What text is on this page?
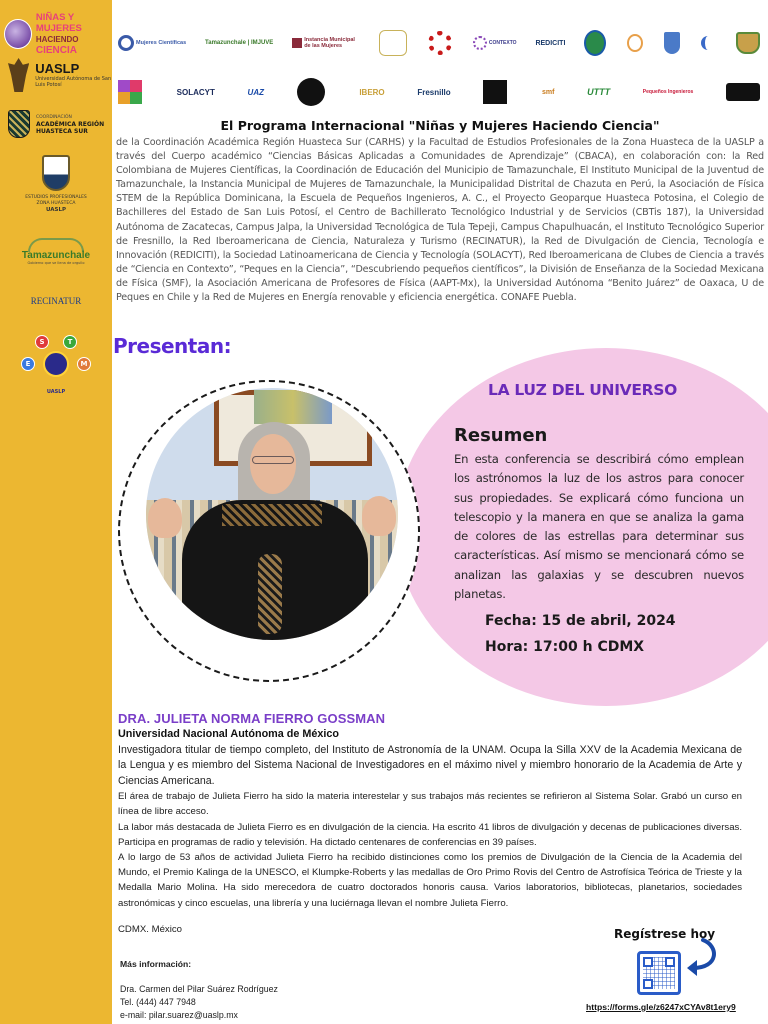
NIÑAS Y MUJERES
HACIENDO CIENCIA
UASLP
Universidad Autónoma de San Luis Potosí
COORDINACIÓN
ACADÉMICA REGIÓN
HUASTECA SUR
ESTUDIOS PROFESIONALES
ZONA HUASTECA
UASLP
Tamazunchale
Gobierno que se llena de orgullo
RECINATUR
S	T
E	M
UASLP
Mujeres Científicas	Tamazunchale | IMJUVE	Instancia Municipal de las Mujeres	CONTEXTO	REDICITI
SOLACYT	UAZ	IBERO	Fresnillo	smf	UTTT	Pequeños Ingenieros
El Programa Internacional "Niñas y Mujeres Haciendo Ciencia"
de la Coordinación Académica Región Huasteca Sur (CARHS) y la Facultad de Estudios Profesionales de la Zona Huasteca de la UASLP a través del Cuerpo académico “Ciencias Básicas Aplicadas a Comunidades de Aprendizaje” (CBACA), en colaboración con: la Red Colombiana de Mujeres Científicas, la Coordinación de Educación del Municipio de Tamazunchale, El Instituto Municipal de la Juventud de Tamazunchale, la Instancia Municipal de Mujeres de Tamazunchale, la Municipalidad Distrital de Chazuta en Perú, la Asociación de Física STEM de la República Dominicana, la Escuela de Pequeños Ingenieros, A. C., el Proyecto Geoparque Huasteca Potosina, el Colegio de Bachilleres del Estado de San Luis Potosí, el Centro de Bachillerato Tecnológico Industrial y de Servicios (CBTis 187), la Universidad Autónoma de Zacatecas, Campus Jalpa, la Universidad Tecnológica de Tula Tepeji, Campus Chapulhuacán, el Instituto Tecnológico Superior de Fresnillo, la Red Iberoamericana de Ciencia, Naturaleza y Turismo (RECINATUR), la Red de Divulgación de Ciencia, Tecnología e Innovación (REDICITI), la Sociedad Latinoamericana de Ciencia y Tecnología (SOLACYT), Red Iberoamericana de Clubes de Ciencia a través de “Ciencia en Contexto”, “Peques en la Ciencia”, “Descubriendo pequeños científicos”, la División de Enseñanza de la Sociedad Mexicana de Física (SMF), la Asociación Americana de Profesores de Física (AAPT-Mx), la Universidad Autónoma “Benito Juárez” de Oaxaca, U de Peques en Chile y la Red de Mujeres en Energía renovable y eficiencia energética. CONAFE Puebla.
Presentan:
LA LUZ DEL UNIVERSO
Resumen
En esta conferencia se describirá cómo emplean los astrónomos la luz de los astros para conocer sus propiedades. Se explicará cómo funciona un telescopio y la manera en que se analiza la gama de colores de las estrellas para determinar sus características. Así mismo se mencionará cómo se analizan las galaxias y se descubren nuevos planetas.
Fecha: 15 de abril, 2024
Hora: 17:00 h CDMX
DRA. JULIETA NORMA FIERRO GOSSMAN
Universidad Nacional Autónoma de México

Investigadora titular de tiempo completo, del Instituto de Astronomía de la UNAM. Ocupa la Silla XXV de la Academia Mexicana de la Lengua y es miembro del Sistema Nacional de Investigadores en el máximo nivel y miembro honorario de la Academia de Arte y Ciencias Americana.

El área de trabajo de Julieta Fierro ha sido la materia interestelar y sus trabajos más recientes se refirieron al Sistema Solar. Grabó un curso en línea de libre acceso.

La labor más destacada de Julieta Fierro es en divulgación de la ciencia. Ha escrito 41 libros de divulgación y decenas de publicaciones diversas. Participa en programas de radio y televisión. Ha dictado centenares de conferencias en 39 países.

A lo largo de 53 años de actividad Julieta Fierro ha recibido distinciones como los premios de Divulgación de la Ciencia de la Academia del Mundo, el Premio Kalinga de la UNESCO, el Klumpke-Roberts y las medallas de Oro Primo Rovis del Centro de Astrofísica Teórica de Trieste y la Medalla Mario Molina. Ha sido merecedora de cuatro doctorados honoris causa. Varios laboratorios, bibliotecas, planetarios, sociedades astronómicas y cinco escuelas, una librería y una luciérnaga llevan el nombre Julieta Fierro.

CDMX. México
Más información:
Dra. Carmen del Pilar Suárez Rodríguez
Tel. (444) 447 7948
e-mail: pilar.suarez@uaslp.mx
Regístrese hoy
https://forms.gle/z6247xCYAv8t1ery9
